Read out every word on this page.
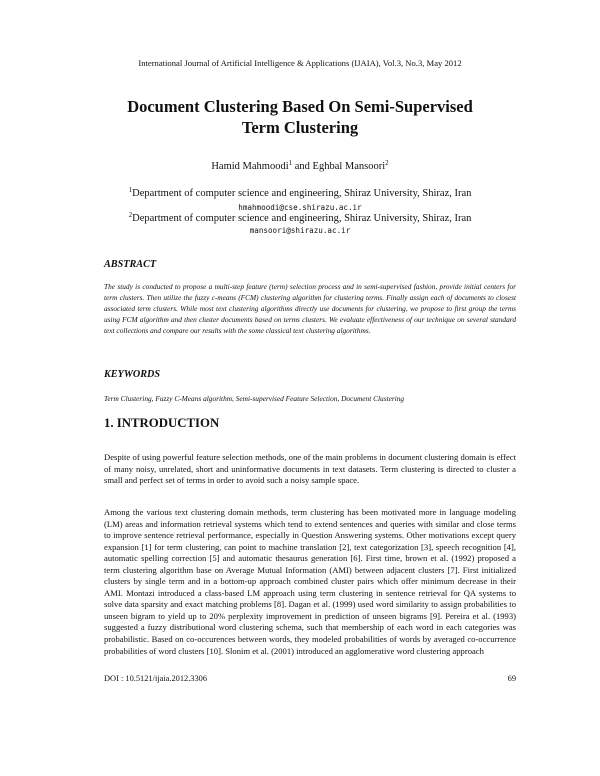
International Journal of Artificial Intelligence & Applications (IJAIA), Vol.3, No.3, May 2012
Document Clustering Based On Semi-Supervised
Term Clustering
Hamid Mahmoodi$^1$ and Eghbal Mansoori$^2$
$^1$Department of computer science and engineering, Shiraz University, Shiraz, Iran
hmahmoodi@cse.shirazu.ac.ir
$^2$Department of computer science and engineering, Shiraz University, Shiraz, Iran
mansoori@shirazu.ac.ir
ABSTRACT
The study is conducted to propose a multi-step feature (term) selection process and in semi-supervised fashion, provide initial centers for term clusters. Then utilize the fuzzy c-means (FCM) clustering algorithm for clustering terms. Finally assign each of documents to closest associated term clusters. While most text clustering algorithms directly use documents for clustering, we propose to first group the terms using FCM algorithm and then cluster documents based on terms clusters. We evaluate effectiveness of our technique on several standard text collections and compare our results with the some classical text clustering algorithms.
KEYWORDS
Term Clustering, Fuzzy C-Means algorithm, Semi-supervised Feature Selection, Document Clustering
1. INTRODUCTION
Despite of using powerful feature selection methods, one of the main problems in document clustering domain is effect of many noisy, unrelated, short and uninformative documents in text datasets. Term clustering is directed to cluster a small and perfect set of terms in order to avoid such a noisy sample space.
Among the various text clustering domain methods, term clustering has been motivated more in language modeling (LM) areas and information retrieval systems which tend to extend sentences and queries with similar and close terms to improve sentence retrieval performance, especially in Question Answering systems. Other motivations except query expansion [1] for term clustering, can point to machine translation [2], text categorization [3], speech recognition [4], automatic spelling correction [5] and automatic thesaurus generation [6]. First time, brown et al. (1992) proposed a term clustering algorithm base on Average Mutual Information (AMI) between adjacent clusters [7]. First initialized clusters by single term and in a bottom-up approach combined cluster pairs which offer minimum decrease in their AMI. Montazi introduced a class-based LM approach using term clustering in sentence retrieval for QA systems to solve data sparsity and exact matching problems [8]. Dagan et al. (1999) used word similarity to assign probabilities to unseen bigram to yield up to 20% perplexity improvement in prediction of unseen bigrams [9]. Pereira et al. (1993) suggested a fuzzy distributional word clustering schema, such that membership of each word in each categories was probabilistic. Based on co-occurences between words, they modeled probabilities of words by averaged co-occurrence probabilities of word clusters [10]. Slonim et al. (2001) introduced an agglomerative word clustering approach
DOI : 10.5121/ijaia.2012.3306	69
